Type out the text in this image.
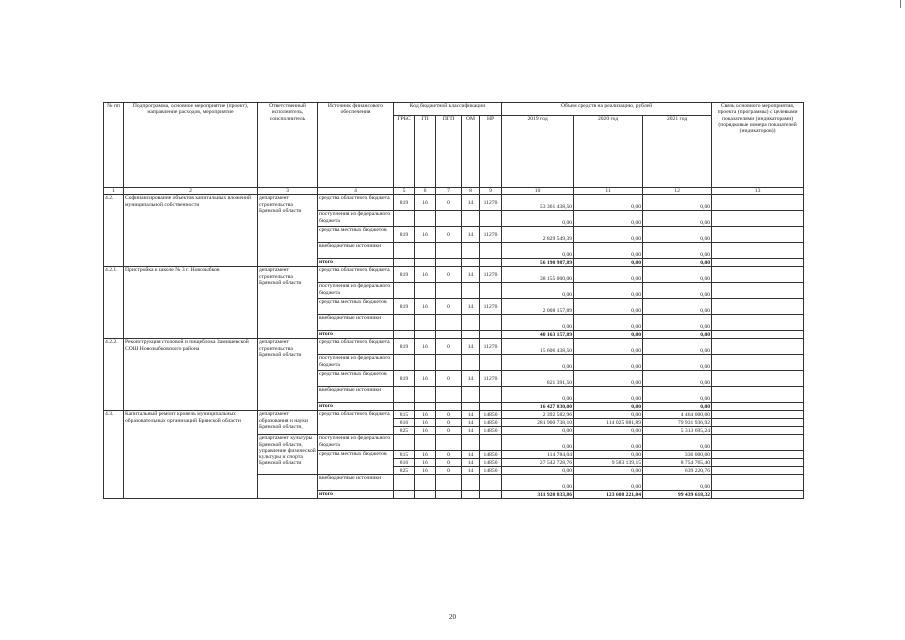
№ пп	Подпрограмма, основное мероприятие (проект), направление расходов, мероприятие	Ответственный исполнитель, соисполнитель	Источник финансового обеспечения	Код бюджетной классификации					Объем средств на реализацию, рублей			Связь основного мероприятия, проекта (программы) с целевыми показателями (индикаторами) (порядковые номера показателей (индикаторов))
				ГРБС	ГП	ПГП	ОМ	НР	2019 год	2020 год	2021 год	
1	2	3	4	5	6	7	8	9	10	11	12	13
4.2.	Софинансирование объектов капитальных вложений муниципальной собственности	департамент строительства Брянской области	средства областного бюджета	819	16	0	14	11270	53 361 438,50	0,00	0,00	
			поступления из федерального бюджета						0,00	0,00	0,00	
			средства местных бюджетов	819	16	0	14	11270	2 829 549,39	0,00	0,00	
			внебюджетные источники						0,00	0,00	0,00	
			итого						56 190 987,89	0,00	0,00	
4.2.1.	Пристройка к школе № 3 г. Новозыбков	департамент строительства Брянской области	средства областного бюджета	819	16	0	14	11270	38 155 000,00	0,00	0,00	
			поступления из федерального бюджета						0,00	0,00	0,00	
			средства местных бюджетов	819	16	0	14	11270	2 008 157,89	0,00	0,00	
			внебюджетные источники						0,00	0,00	0,00	
			итого						40 163 157,89	0,00	0,00	
4.2.2.	Реконструкция столовой и пищеблока Замишевской СОШ Новозыбковского района	департамент строительства Брянской области	средства областного бюджета	819	16	0	14	11270	15 606 438,50	0,00	0,00	
			поступления из федерального бюджета						0,00	0,00	0,00	
			средства местных бюджетов	819	16	0	14	11270	821 391,50	0,00	0,00	
			внебюджетные источники						0,00	0,00	0,00	
			итого						16 427 830,00	0,00	0,00	
4.3.	Капитальный ремонт кровель муниципальных образовательных организаций Брянской области	департамент образования и науки Брянской области,	средства областного бюджета	815	16	0	14	14850	2 392 582,96	0,00	4 464 000,00	
				816	16	0	14	14850	281 900 738,10	114 025 081,89	79 931 936,92	
				825	16	0	14	14850	0,00	0,00	5 313 695,24	
		департамент культуры Брянской области, управление физической культуры и спорта Брянской области	поступления из федерального бюджета						0,00	0,00	0,00	
			средства местных бюджетов	815	16	0	14	14850	114 784,04	0,00	336 000,00	
				816	16	0	14	14850	27 542 728,76	9 583 139,15	8 754 765,40	
				825	16	0	14	14850	0,00	0,00	639 220,76	
			внебюджетные источники						0,00	0,00	0,00	
			итого						311 920 833,86	123 608 221,04	99 439 618,32	
20
